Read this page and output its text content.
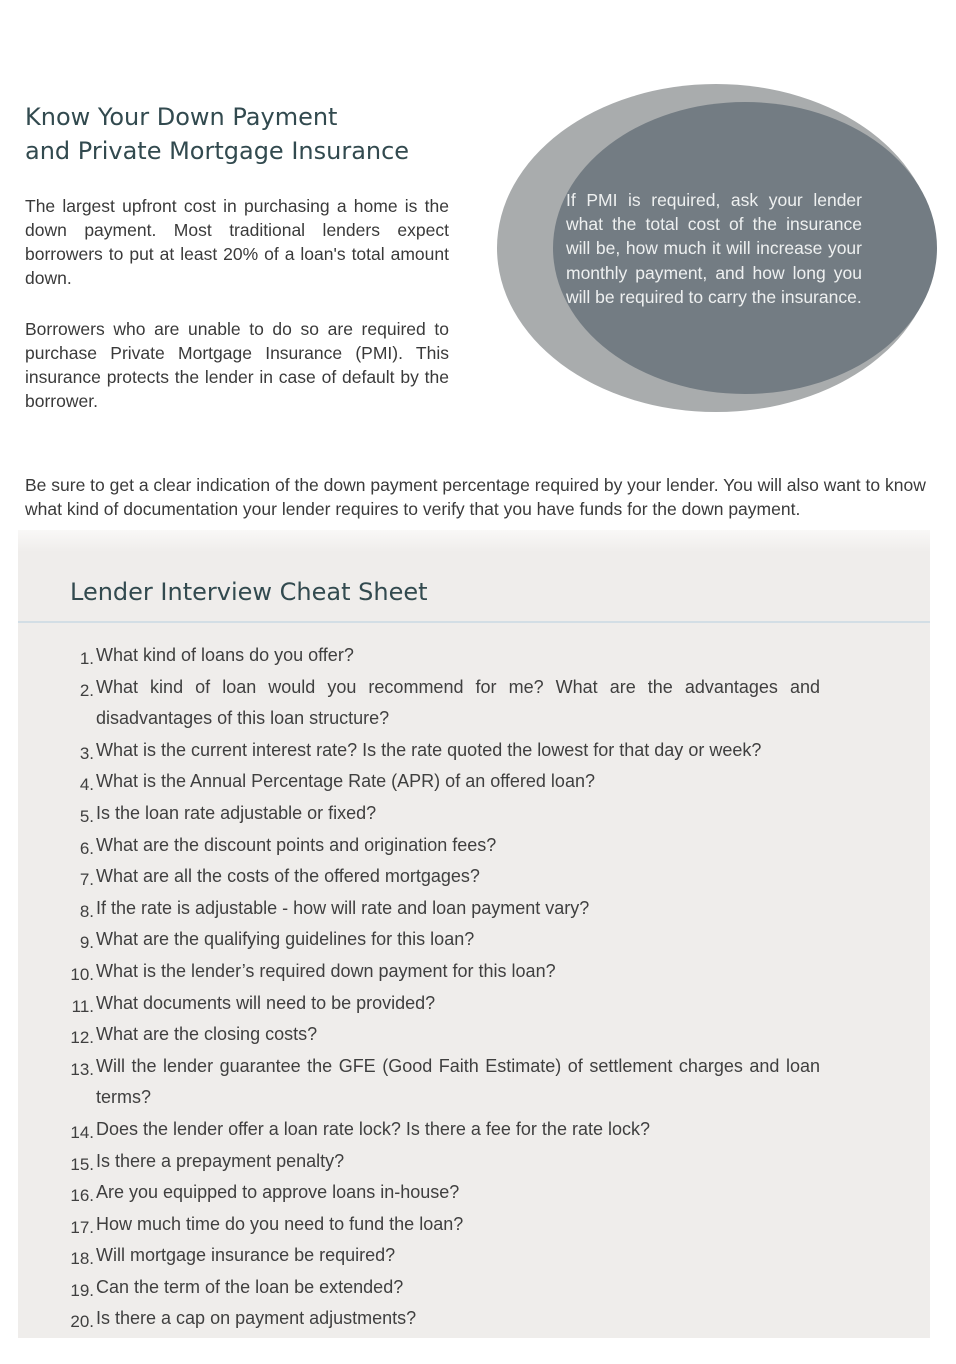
Know Your Down Payment
and Private Mortgage Insurance

The largest upfront cost in purchasing a home is the down payment. Most traditional lenders expect borrowers to put at least 20% of a loan's total amount down.

Borrowers who are unable to do so are required to purchase Private Mortgage Insurance (PMI). This insurance protects the lender in case of default by the borrower.

If PMI is required, ask your lender what the total cost of the insurance will be, how much it will increase your monthly payment, and how long you will be required to carry the insurance.

Be sure to get a clear indication of the down payment percentage required by your lender. You will also want to know what kind of documentation your lender requires to verify that you have funds for the down payment.

Lender Interview Cheat Sheet
1. What kind of loans do you offer?
2. What kind of loan would you recommend for me? What are the advantages and disadvantages of this loan structure?
3. What is the current interest rate? Is the rate quoted the lowest for that day or week?
4. What is the Annual Percentage Rate (APR) of an offered loan?
5. Is the loan rate adjustable or fixed?
6. What are the discount points and origination fees?
7. What are all the costs of the offered mortgages?
8. If the rate is adjustable - how will rate and loan payment vary?
9. What are the qualifying guidelines for this loan?
10. What is the lender’s required down payment for this loan?
11. What documents will need to be provided?
12. What are the closing costs?
13. Will the lender guarantee the GFE (Good Faith Estimate) of settlement charges and loan terms?
14. Does the lender offer a loan rate lock? Is there a fee for the rate lock?
15. Is there a prepayment penalty?
16. Are you equipped to approve loans in-house?
17. How much time do you need to fund the loan?
18. Will mortgage insurance be required?
19. Can the term of the loan be extended?
20. Is there a cap on payment adjustments?
